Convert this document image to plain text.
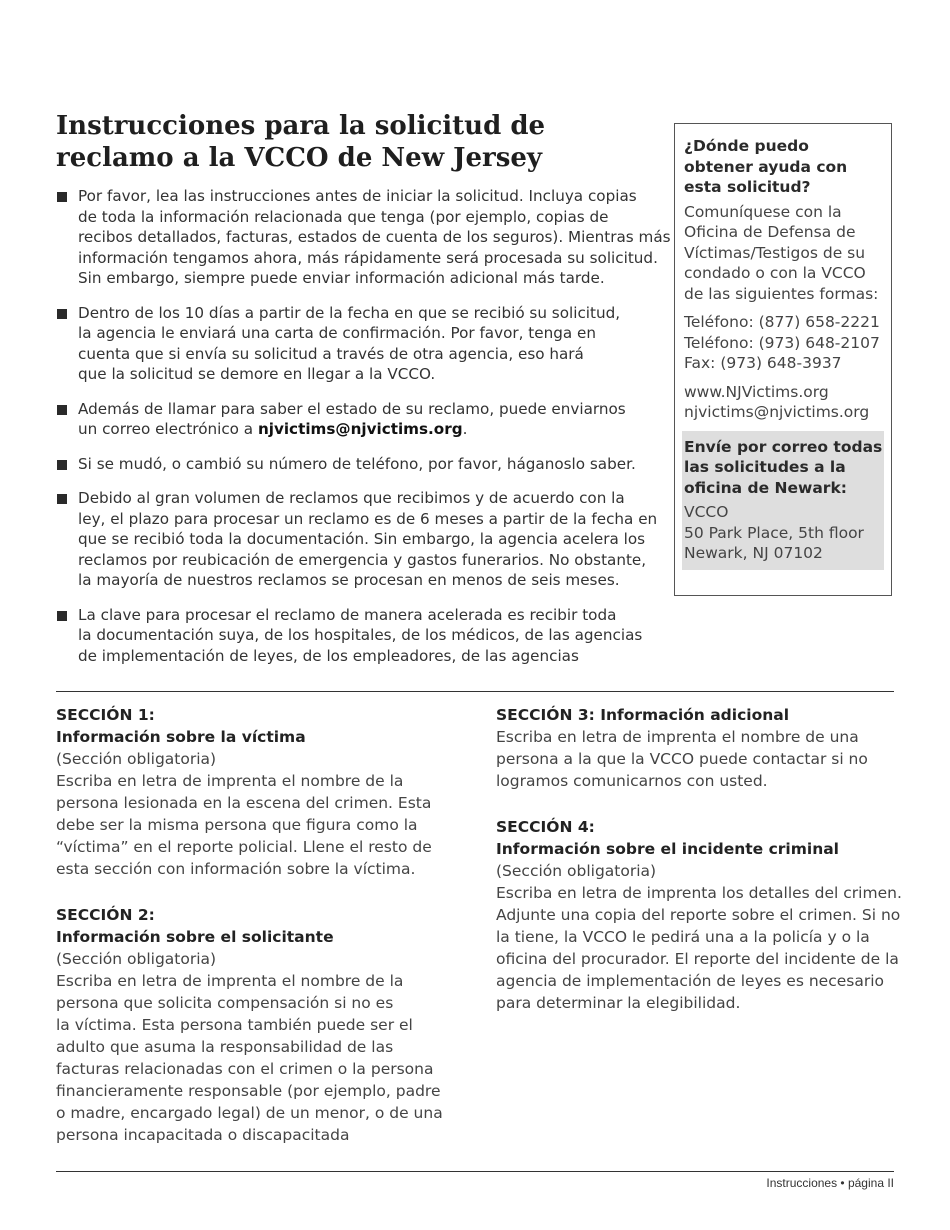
Instrucciones para la solicitud de
reclamo a la VCCO de New Jersey
Por favor, lea las instrucciones antes de iniciar la solicitud. Incluya copias
de toda la información relacionada que tenga (por ejemplo, copias de
recibos detallados, facturas, estados de cuenta de los seguros). Mientras más
información tengamos ahora, más rápidamente será procesada su solicitud.
Sin embargo, siempre puede enviar información adicional más tarde.
Dentro de los 10 días a partir de la fecha en que se recibió su solicitud,
la agencia le enviará una carta de confirmación. Por favor, tenga en
cuenta que si envía su solicitud a través de otra agencia, eso hará
que la solicitud se demore en llegar a la VCCO.
Además de llamar para saber el estado de su reclamo, puede enviarnos
un correo electrónico a njvictims@njvictims.org.
Si se mudó, o cambió su número de teléfono, por favor, háganoslo saber.
Debido al gran volumen de reclamos que recibimos y de acuerdo con la
ley, el plazo para procesar un reclamo es de 6 meses a partir de la fecha en
que se recibió toda la documentación. Sin embargo, la agencia acelera los
reclamos por reubicación de emergencia y gastos funerarios. No obstante,
la mayoría de nuestros reclamos se procesan en menos de seis meses.
La clave para procesar el reclamo de manera acelerada es recibir toda
la documentación suya, de los hospitales, de los médicos, de las agencias
de implementación de leyes, de los empleadores, de las agencias
¿Dónde puedo
obtener ayuda con
esta solicitud?
Comuníquese con la
Oficina de Defensa de
Víctimas/Testigos de su
condado o con la VCCO
de las siguientes formas:
Teléfono: (877) 658-2221
Teléfono: (973) 648-2107
Fax: (973) 648-3937
www.NJVictims.org
njvictims@njvictims.org
Envíe por correo todas
las solicitudes a la
oficina de Newark:
VCCO
50 Park Place, 5th floor
Newark, NJ 07102
SECCIÓN 1:
Información sobre la víctima
(Sección obligatoria)
Escriba en letra de imprenta el nombre de la
persona lesionada en la escena del crimen. Esta
debe ser la misma persona que figura como la
“víctima” en el reporte policial. Llene el resto de
esta sección con información sobre la víctima.
SECCIÓN 2:
Información sobre el solicitante
(Sección obligatoria)
Escriba en letra de imprenta el nombre de la
persona que solicita compensación si no es
la víctima. Esta persona también puede ser el
adulto que asuma la responsabilidad de las
facturas relacionadas con el crimen o la persona
financieramente responsable (por ejemplo, padre
o madre, encargado legal) de un menor, o de una
persona incapacitada o discapacitada
SECCIÓN 3: Información adicional
Escriba en letra de imprenta el nombre de una
persona a la que la VCCO puede contactar si no
logramos comunicarnos con usted.
SECCIÓN 4:
Información sobre el incidente criminal
(Sección obligatoria)
Escriba en letra de imprenta los detalles del crimen.
Adjunte una copia del reporte sobre el crimen. Si no
la tiene, la VCCO le pedirá una a la policía y o la
oficina del procurador. El reporte del incidente de la
agencia de implementación de leyes es necesario
para determinar la elegibilidad.
Instrucciones • página II
